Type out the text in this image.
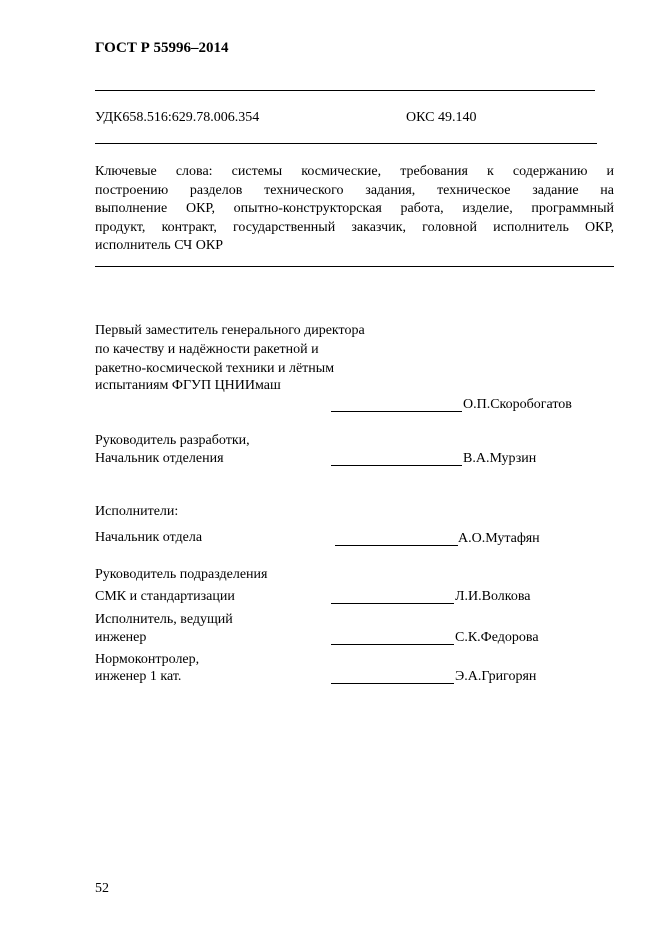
ГОСТ Р 55996–2014
УДК658.516:629.78.006.354	ОКС 49.140
Ключевые слова: системы космические, требования к содержанию и
построению разделов технического задания, техническое задание на
выполнение ОКР, опытно-конструкторская работа, изделие, программный
продукт, контракт, государственный заказчик, головной исполнитель ОКР,
исполнитель СЧ ОКР
Первый заместитель генерального директора
по качеству и надёжности ракетной и
ракетно-космической техники и лётным
испытаниям ФГУП ЦНИИмаш
О.П.Скоробогатов
Руководитель разработки,
Начальник отделения	В.А.Мурзин
Исполнители:
Начальник отдела	А.О.Мутафян
Руководитель подразделения
СМК и стандартизации	Л.И.Волкова
Исполнитель, ведущий
инженер	С.К.Федорова
Нормоконтролер,
инженер 1 кат.	Э.А.Григорян
52
